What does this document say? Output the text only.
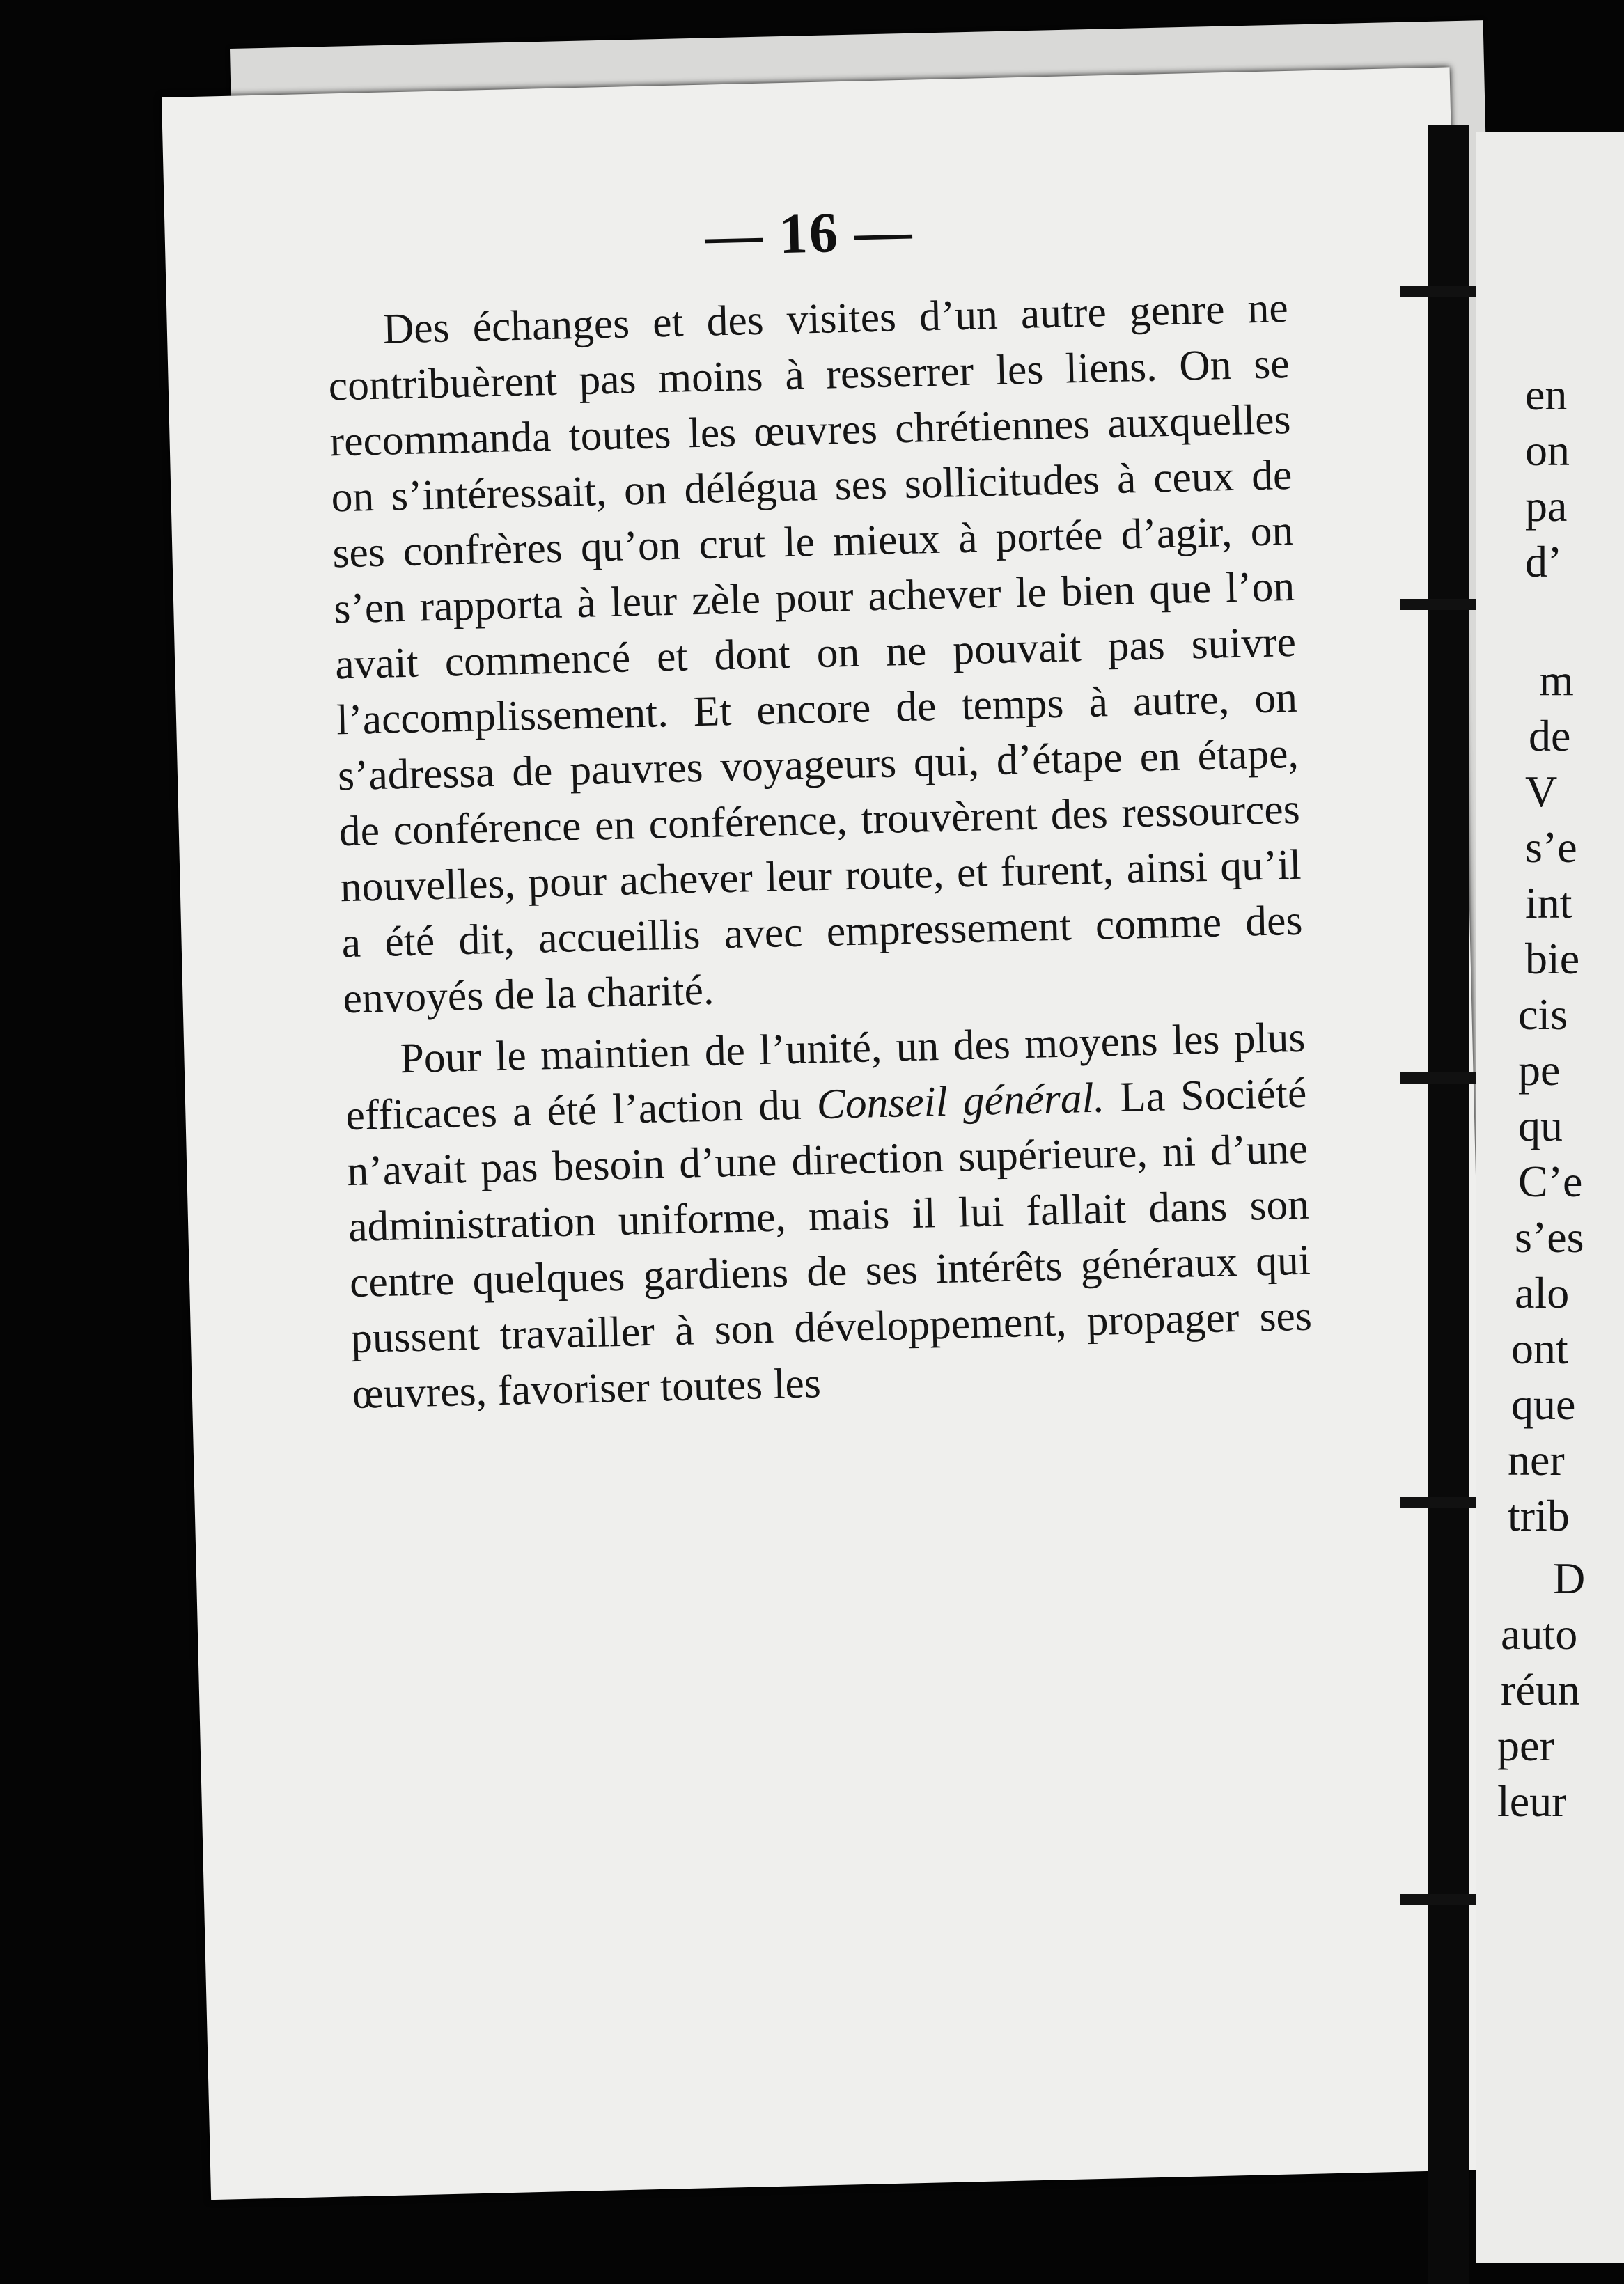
— 16 —

Des échanges et des visites d’un autre genre ne contribuèrent pas moins à resserrer les liens. On se recommanda toutes les œuvres chrétiennes auxquelles on s’intéressait, on délégua ses sollicitudes à ceux de ses confrères qu’on crut le mieux à portée d’agir, on s’en rapporta à leur zèle pour achever le bien que l’on avait commencé et dont on ne pouvait pas suivre l’accomplissement. Et encore de temps à autre, on s’adressa de pauvres voyageurs qui, d’étape en étape, de conférence en conférence, trouvèrent des ressources nouvelles, pour achever leur route, et furent, ainsi qu’il a été dit, accueillis avec empressement comme des envoyés de la charité.

Pour le maintien de l’unité, un des moyens les plus efficaces a été l’action du Conseil général. La Société n’avait pas besoin d’une direction supérieure, ni d’une administration uniforme, mais il lui fallait dans son centre quelques gardiens de ses intérêts généraux qui pussent travailler à son développement, propager ses œuvres, favoriser toutes les

en
on
pa
d’
m
de
V
s’e
int
bie
cis
pe
qu
C’e
s’es
alo
ont
que
ner
trib
D
auto
réun
per
leur
